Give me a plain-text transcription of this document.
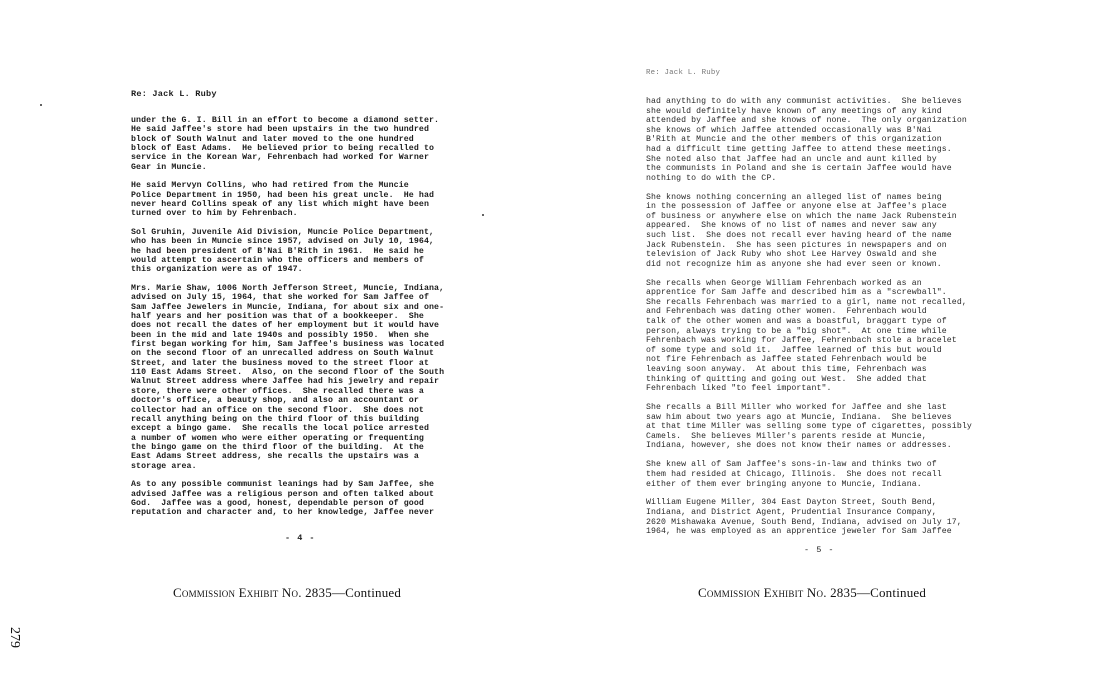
Re: Jack L. Ruby

under the G. I. Bill in an effort to become a diamond setter.
He said Jaffee's store had been upstairs in the two hundred
block of South Walnut and later moved to the one hundred
block of East Adams.  He believed prior to being recalled to
service in the Korean War, Fehrenbach had worked for Warner
Gear in Muncie.

He said Mervyn Collins, who had retired from the Muncie
Police Department in 1950, had been his great uncle.  He had
never heard Collins speak of any list which might have been
turned over to him by Fehrenbach.

Sol Gruhin, Juvenile Aid Division, Muncie Police Department,
who has been in Muncie since 1957, advised on July 10, 1964,
he had been president of B'Nai B'Rith in 1961.  He said he
would attempt to ascertain who the officers and members of
this organization were as of 1947.

Mrs. Marie Shaw, 1006 North Jefferson Street, Muncie, Indiana,
advised on July 15, 1964, that she worked for Sam Jaffee of
Sam Jaffee Jewelers in Muncie, Indiana, for about six and one-
half years and her position was that of a bookkeeper.  She
does not recall the dates of her employment but it would have
been in the mid and late 1940s and possibly 1950.  When she
first began working for him, Sam Jaffee's business was located
on the second floor of an unrecalled address on South Walnut
Street, and later the business moved to the street floor at
110 East Adams Street.  Also, on the second floor of the South
Walnut Street address where Jaffee had his jewelry and repair
store, there were other offices.  She recalled there was a
doctor's office, a beauty shop, and also an accountant or
collector had an office on the second floor.  She does not
recall anything being on the third floor of this building
except a bingo game.  She recalls the local police arrested
a number of women who were either operating or frequenting
the bingo game on the third floor of the building.  At the
East Adams Street address, she recalls the upstairs was a
storage area.

As to any possible communist leanings had by Sam Jaffee, she
advised Jaffee was a religious person and often talked about
God.  Jaffee was a good, honest, dependable person of good
reputation and character and, to her knowledge, Jaffee never

- 4 -
Commission Exhibit No. 2835—Continued
Re: Jack L. Ruby

had anything to do with any communist activities.  She believes
she would definitely have known of any meetings of any kind
attended by Jaffee and she knows of none.  The only organization
she knows of which Jaffee attended occasionally was B'Nai
B'Rith at Muncie and the other members of this organization
had a difficult time getting Jaffee to attend these meetings.
She noted also that Jaffee had an uncle and aunt killed by
the communists in Poland and she is certain Jaffee would have
nothing to do with the CP.

She knows nothing concerning an alleged list of names being
in the possession of Jaffee or anyone else at Jaffee's place
of business or anywhere else on which the name Jack Rubenstein
appeared.  She knows of no list of names and never saw any
such list.  She does not recall ever having heard of the name
Jack Rubenstein.  She has seen pictures in newspapers and on
television of Jack Ruby who shot Lee Harvey Oswald and she
did not recognize him as anyone she had ever seen or known.

She recalls when George William Fehrenbach worked as an
apprentice for Sam Jaffe and described him as a "screwball".
She recalls Fehrenbach was married to a girl, name not recalled,
and Fehrenbach was dating other women.  Fehrenbach would
talk of the other women and was a boastful, braggart type of
person, always trying to be a "big shot".  At one time while
Fehrenbach was working for Jaffee, Fehrenbach stole a bracelet
of some type and sold it.  Jaffee learned of this but would
not fire Fehrenbach as Jaffee stated Fehrenbach would be
leaving soon anyway.  At about this time, Fehrenbach was
thinking of quitting and going out West.  She added that
Fehrenbach liked "to feel important".

She recalls a Bill Miller who worked for Jaffee and she last
saw him about two years ago at Muncie, Indiana.  She believes
at that time Miller was selling some type of cigarettes, possibly
Camels.  She believes Miller's parents reside at Muncie,
Indiana, however, she does not know their names or addresses.

She knew all of Sam Jaffee's sons-in-law and thinks two of
them had resided at Chicago, Illinois.  She does not recall
either of them ever bringing anyone to Muncie, Indiana.

William Eugene Miller, 304 East Dayton Street, South Bend,
Indiana, and District Agent, Prudential Insurance Company,
2620 Mishawaka Avenue, South Bend, Indiana, advised on July 17,
1964, he was employed as an apprentice jeweler for Sam Jaffee

- 5 -
Commission Exhibit No. 2835—Continued
279
